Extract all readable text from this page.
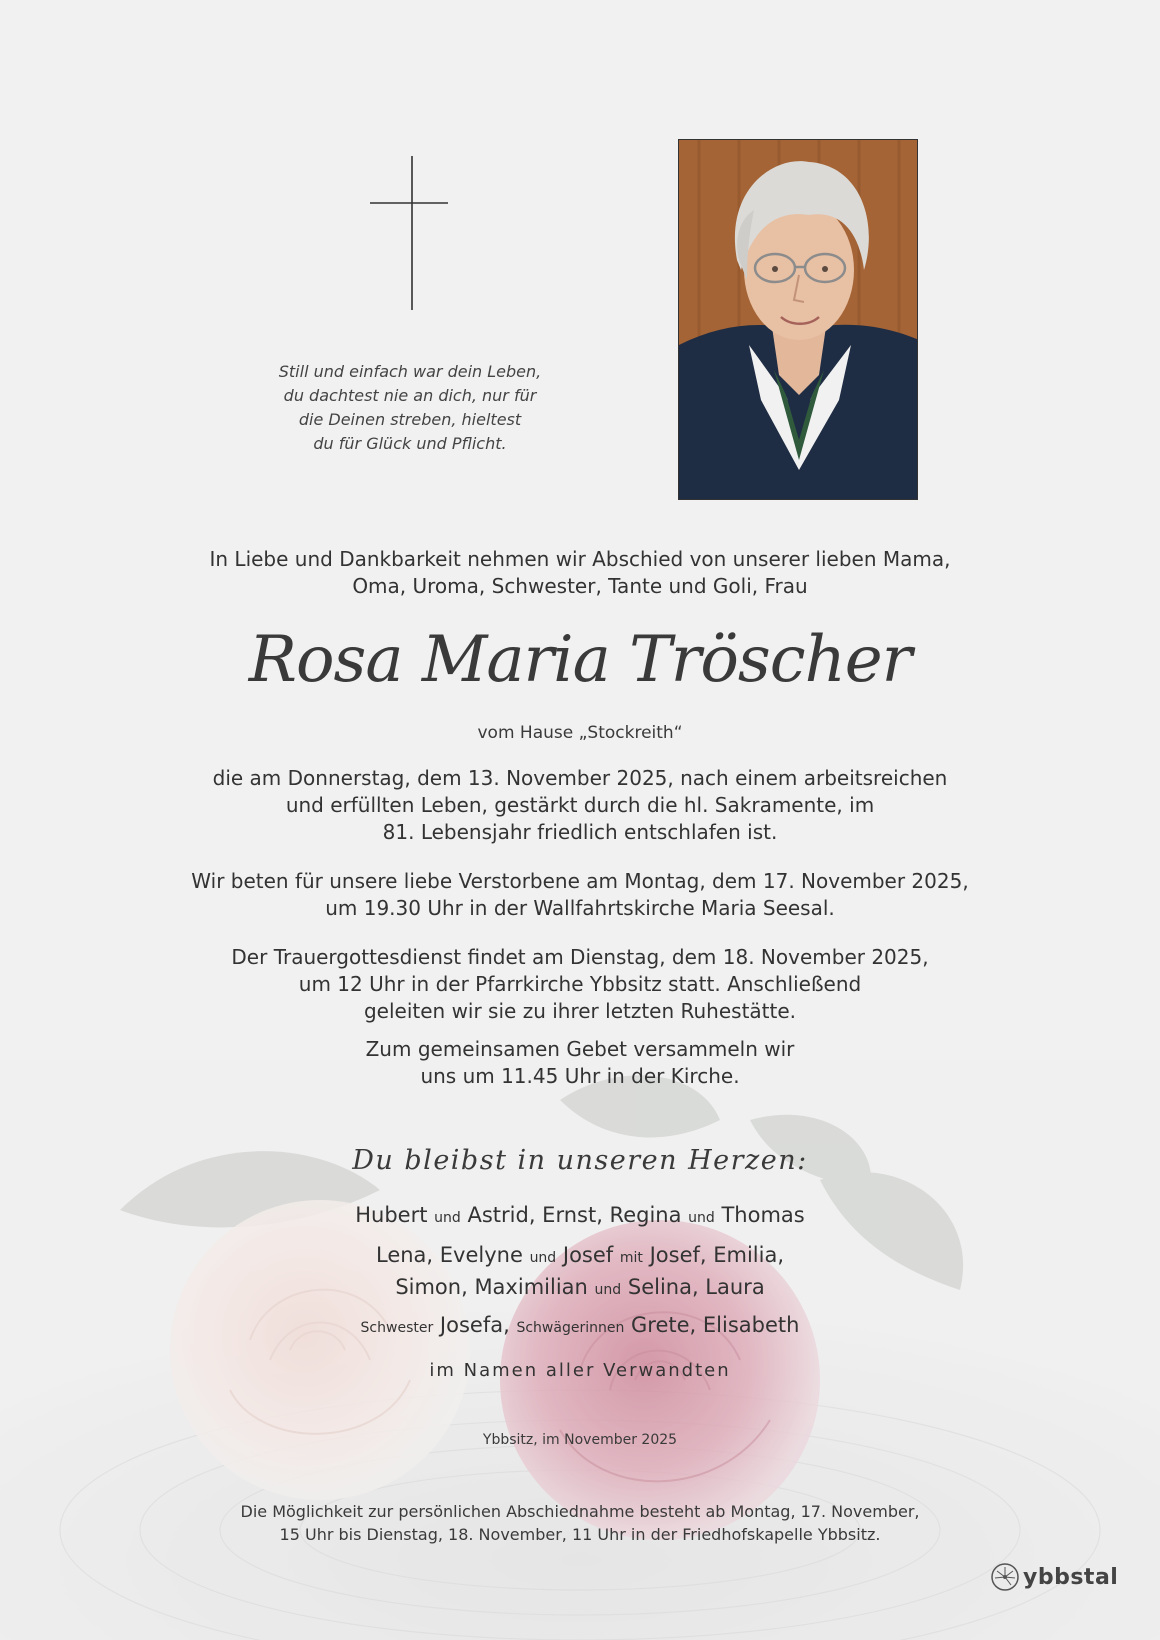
Still und einfach war dein Leben,
du dachtest nie an dich, nur für
die Deinen streben, hieltest
du für Glück und Pflicht.
In Liebe und Dankbarkeit nehmen wir Abschied von unserer lieben Mama,
Oma, Uroma, Schwester, Tante und Goli, Frau
Rosa Maria Tröscher
vom Hause „Stockreith“
die am Donnerstag, dem 13. November 2025, nach einem arbeitsreichen
und erfüllten Leben, gestärkt durch die hl. Sakramente, im
81. Lebensjahr friedlich entschlafen ist.
Wir beten für unsere liebe Verstorbene am Montag, dem 17. November 2025,
um 19.30 Uhr in der Wallfahrtskirche Maria Seesal.
Der Trauergottesdienst findet am Dienstag, dem 18. November 2025,
um 12 Uhr in der Pfarrkirche Ybbsitz statt. Anschließend
geleiten wir sie zu ihrer letzten Ruhestätte.
Zum gemeinsamen Gebet versammeln wir
uns um 11.45 Uhr in der Kirche.
Du bleibst in unseren Herzen:
Hubert und Astrid, Ernst, Regina und Thomas
Lena, Evelyne und Josef mit Josef, Emilia,
Simon, Maximilian und Selina, Laura
Schwester Josefa, Schwägerinnen Grete, Elisabeth
im Namen aller Verwandten
Ybbsitz, im November 2025
Die Möglichkeit zur persönlichen Abschiednahme besteht ab Montag, 17. November,
15 Uhr bis Dienstag, 18. November, 11 Uhr in der Friedhofskapelle Ybbsitz.
ybbstal
